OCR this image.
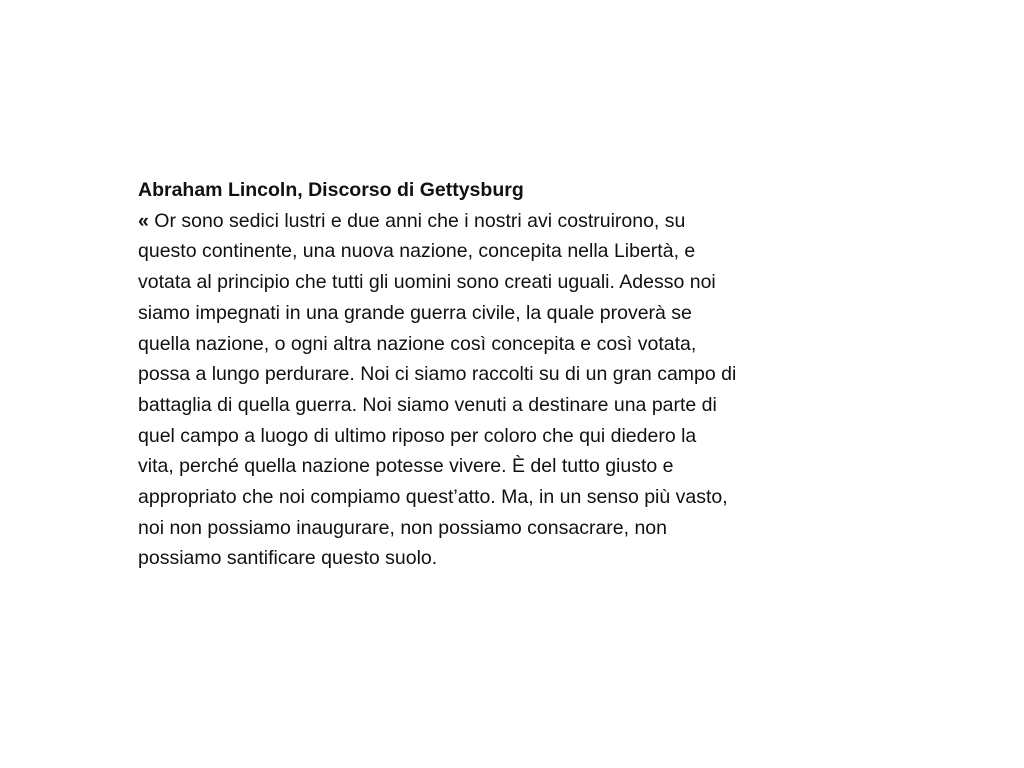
Abraham Lincoln, Discorso di Gettysburg
« Or sono sedici lustri e due anni che i nostri avi costruirono, su
questo continente, una nuova nazione, concepita nella Libertà, e
votata al principio che tutti gli uomini sono creati uguali. Adesso noi
siamo impegnati in una grande guerra civile, la quale proverà se
quella nazione, o ogni altra nazione così concepita e così votata,
possa a lungo perdurare. Noi ci siamo raccolti su di un gran campo di
battaglia di quella guerra. Noi siamo venuti a destinare una parte di
quel campo a luogo di ultimo riposo per coloro che qui diedero la
vita, perché quella nazione potesse vivere. È del tutto giusto e
appropriato che noi compiamo quest’atto. Ma, in un senso più vasto,
noi non possiamo inaugurare, non possiamo consacrare, non
possiamo santificare questo suolo.
